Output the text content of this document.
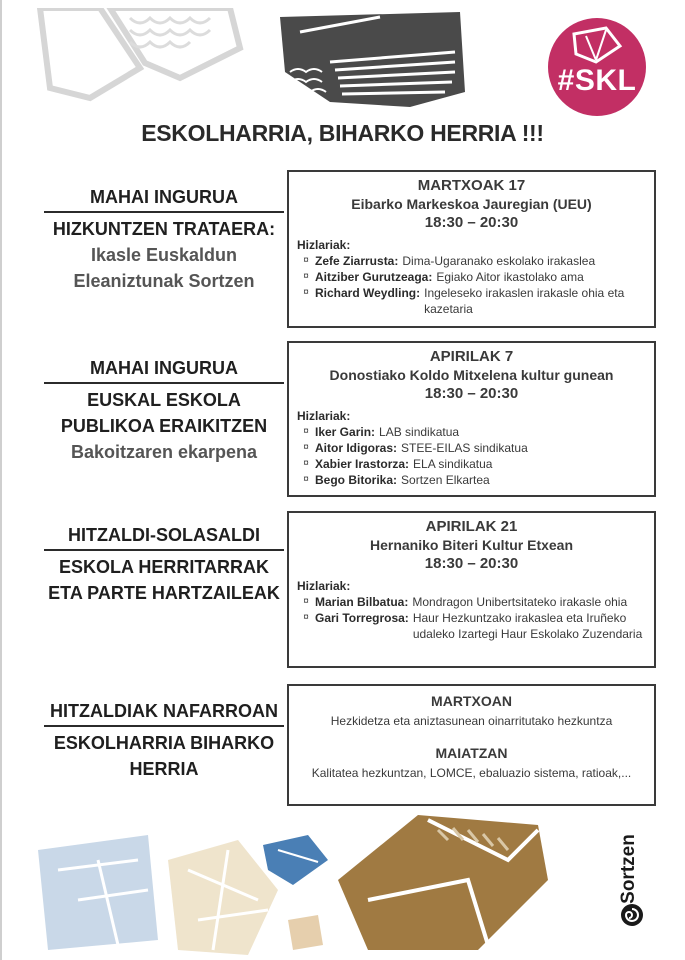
#SKL
ESKOLHARRIA, BIHARKO HERRIA !!!
MAHAI INGURUA
HIZKUNTZEN TRATAERA:
Ikasle Euskaldun
Eleaniztunak Sortzen
MARTXOAK 17
Eibarko Markeskoa Jauregian (UEU)
18:30 – 20:30
Hizlariak:
¤ Zefe Ziarrusta: Dima-Ugaranako eskolako irakaslea
¤ Aitziber Gurutzeaga: Egiako Aitor ikastolako ama
¤ Richard Weydling: Ingeleseko irakaslen irakasle ohia eta kazetaria
MAHAI INGURUA
EUSKAL ESKOLA
PUBLIKOA ERAIKITZEN
Bakoitzaren ekarpena
APIRILAK 7
Donostiako Koldo Mitxelena kultur gunean
18:30 – 20:30
Hizlariak:
¤ Iker Garin: LAB sindikatua
¤ Aitor Idigoras: STEE-EILAS sindikatua
¤ Xabier Irastorza: ELA sindikatua
¤ Bego Bitorika: Sortzen Elkartea
HITZALDI-SOLASALDI
ESKOLA HERRITARRAK
ETA PARTE HARTZAILEAK
APIRILAK 21
Hernaniko Biteri Kultur Etxean
18:30 – 20:30
Hizlariak:
¤ Marian Bilbatua: Mondragon Unibertsitateko irakasle ohia
¤ Gari Torregrosa: Haur Hezkuntzako irakaslea eta Iruñeko udaleko Izartegi Haur Eskolako Zuzendaria
HITZALDIAK NAFARROAN
ESKOLHARRIA BIHARKO
HERRIA
MARTXOAN
Hezkidetza eta aniztasunean oinarritutako hezkuntza
MAIATZAN
Kalitatea hezkuntzan, LOMCE, ebaluazio sistema, ratioak,...
Sortzen
